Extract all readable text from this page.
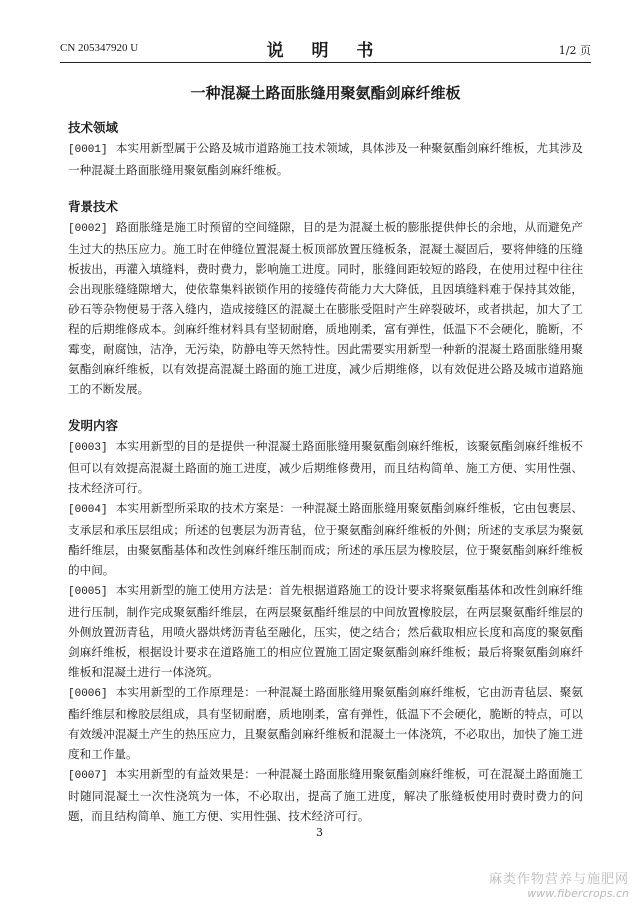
CN 205347920 U	说 明 书	1/2 页
一种混凝土路面胀缝用聚氨酯剑麻纤维板

技术领域

[0001] 本实用新型属于公路及城市道路施工技术领域，具体涉及一种聚氨酯剑麻纤维板，尤其涉及一种混凝土路面胀缝用聚氨酯剑麻纤维板。

背景技术

[0002] 路面胀缝是施工时预留的空间缝隙，目的是为混凝土板的膨胀提供伸长的余地，从而避免产生过大的热压应力。施工时在伸缝位置混凝土板顶部放置压缝板条，混凝土凝固后，要将伸缝的压缝板拔出，再灌入填缝料，费时费力，影响施工进度。同时，胀缝间距较短的路段，在使用过程中往往会出现胀缝缝隙增大，使依靠集料嵌锁作用的接缝传荷能力大大降低，且因填缝料难于保持其效能，砂石等杂物便易于落入缝内，造成接缝区的混凝土在膨胀受阻时产生碎裂破坏，或者拱起，加大了工程的后期维修成本。剑麻纤维材料具有坚韧耐磨，质地刚柔，富有弹性，低温下不会硬化，脆断，不霉变，耐腐蚀，洁净，无污染，防静电等天然特性。因此需要实用新型一种新的混凝土路面胀缝用聚氨酯剑麻纤维板，以有效提高混凝土路面的施工进度，减少后期维修，以有效促进公路及城市道路施工的不断发展。

发明内容

[0003] 本实用新型的目的是提供一种混凝土路面胀缝用聚氨酯剑麻纤维板，该聚氨酯剑麻纤维板不但可以有效提高混凝土路面的施工进度，减少后期维修费用，而且结构简单、施工方便、实用性强、技术经济可行。

[0004] 本实用新型所采取的技术方案是：一种混凝土路面胀缝用聚氨酯剑麻纤维板，它由包裹层、支承层和承压层组成；所述的包裹层为沥青毡，位于聚氨酯剑麻纤维板的外侧；所述的支承层为聚氨酯纤维层，由聚氨酯基体和改性剑麻纤维压制而成；所述的承压层为橡胶层，位于聚氨酯剑麻纤维板的中间。

[0005] 本实用新型的施工使用方法是：首先根据道路施工的设计要求将聚氨酯基体和改性剑麻纤维进行压制，制作完成聚氨酯纤维层，在两层聚氨酯纤维层的中间放置橡胶层，在两层聚氨酯纤维层的外侧放置沥青毡，用喷火器烘烤沥青毡至融化，压实，使之结合；然后截取相应长度和高度的聚氨酯剑麻纤维板，根据设计要求在道路施工的相应位置施工固定聚氨酯剑麻纤维板；最后将聚氨酯剑麻纤维板和混凝土进行一体浇筑。

[0006] 本实用新型的工作原理是：一种混凝土路面胀缝用聚氨酯剑麻纤维板，它由沥青毡层、聚氨酯纤维层和橡胶层组成，具有坚韧耐磨，质地刚柔，富有弹性，低温下不会硬化，脆断的特点，可以有效缓冲混凝土产生的热压应力，且聚氨酯剑麻纤维板和混凝土一体浇筑，不必取出，加快了施工进度和工作量。

[0007] 本实用新型的有益效果是：一种混凝土路面胀缝用聚氨酯剑麻纤维板，可在混凝土路面施工时随同混凝土一次性浇筑为一体，不必取出，提高了施工进度，解决了胀缝板使用时费时费力的问题，而且结构简单、施工方便、实用性强、技术经济可行。

3
麻类作物营养与施肥网
www.fibercrops.cn
